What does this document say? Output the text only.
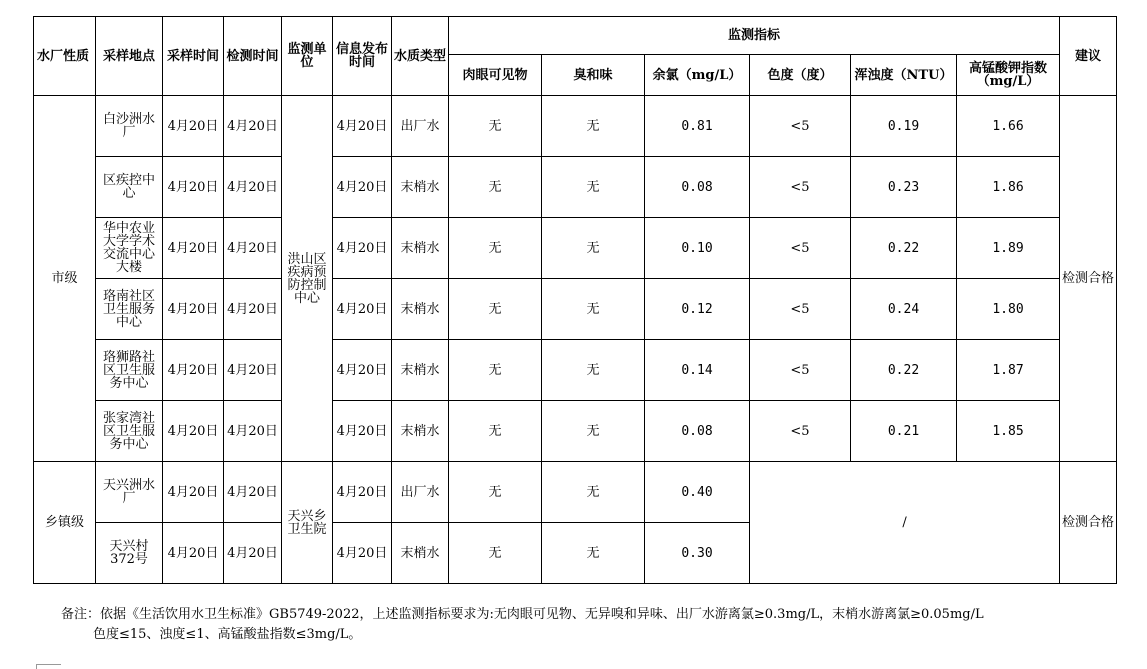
水厂性质	采样地点	采样时间	检测时间	监测单位	信息发布时间	水质类型	监测指标						建议
							肉眼可见物	臭和味	余氯（mg/L）	色度（度）	浑浊度（NTU）	高锰酸钾指数（mg/L）	
市级	白沙洲水厂	4月20日	4月20日	洪山区疾病预防控制中心	4月20日	出厂水	无	无	0.81	<5	0.19	1.66	检测合格
	区疾控中心	4月20日	4月20日		4月20日	末梢水	无	无	0.08	<5	0.23	1.86	
	华中农业大学学术交流中心大楼	4月20日	4月20日		4月20日	末梢水	无	无	0.10	<5	0.22	1.89	
	珞南社区卫生服务中心	4月20日	4月20日		4月20日	末梢水	无	无	0.12	<5	0.24	1.80	
	珞狮路社区卫生服务中心	4月20日	4月20日		4月20日	末梢水	无	无	0.14	<5	0.22	1.87	
	张家湾社区卫生服务中心	4月20日	4月20日		4月20日	末梢水	无	无	0.08	<5	0.21	1.85	
乡镇级	天兴洲水厂	4月20日	4月20日	天兴乡卫生院	4月20日	出厂水	无	无	0.40	/			检测合格
	天兴村372号	4月20日	4月20日		4月20日	末梢水	无	无	0.30				
备注：依据《生活饮用水卫生标准》GB5749-2022，上述监测指标要求为:无肉眼可见物、无异嗅和异味、出厂水游离氯≥0.3mg/L，末梢水游离氯≥0.05mg/L
色度≤15、浊度≤1、高锰酸盐指数≤3mg/L。
